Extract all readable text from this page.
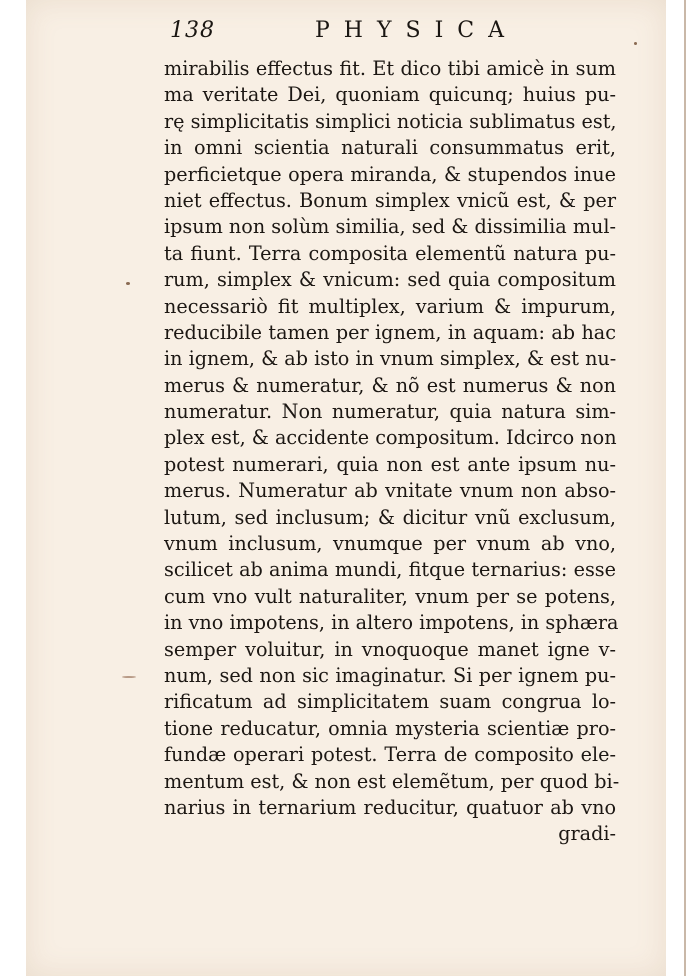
138	PHYSICA
mirabilis effectus fit. Et dico tibi amicè in sum
ma veritate Dei, quoniam quicunq; huius pu-
rę simplicitatis simplici noticia sublimatus est,
in omni scientia naturali consummatus erit,
perficietque opera miranda, & stupendos inue
niet effectus. Bonum simplex vnicũ est, & per
ipsum non solùm similia, sed & dissimilia mul-
ta fiunt. Terra composita elementũ natura pu-
rum, simplex & vnicum: sed quia compositum
necessariò fit multiplex, varium & impurum,
reducibile tamen per ignem, in aquam: ab hac
in ignem, & ab isto in vnum simplex, & est nu-
merus & numeratur, & nõ est numerus & non
numeratur. Non numeratur, quia natura sim-
plex est, & accidente compositum. Idcirco non
potest numerari, quia non est ante ipsum nu-
merus. Numeratur ab vnitate vnum non abso-
lutum, sed inclusum; & dicitur vnũ exclusum,
vnum inclusum, vnumque per vnum ab vno,
scilicet ab anima mundi, fitque ternarius: esse
cum vno vult naturaliter, vnum per se potens,
in vno impotens, in altero impotens, in sphæra
semper voluitur, in vnoquoque manet igne v-
num, sed non sic imaginatur. Si per ignem pu-
rificatum ad simplicitatem suam congrua lo-
tione reducatur, omnia mysteria scientiæ pro-
fundæ operari potest. Terra de composito ele-
mentum est, & non est elemẽtum, per quod bi-
narius in ternarium reducitur, quatuor ab vno
gradi-
